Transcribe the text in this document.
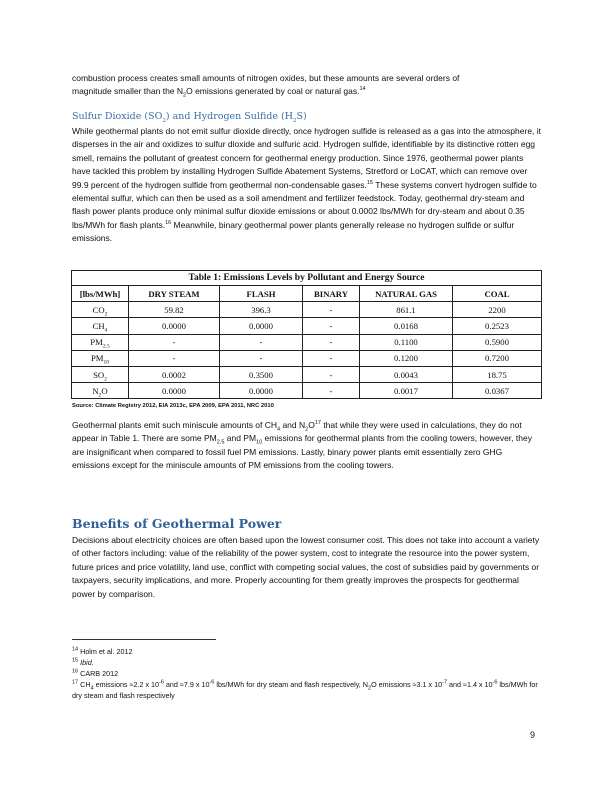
combustion process creates small amounts of nitrogen oxides, but these amounts are several orders of
magnitude smaller than the $N_2O$ emissions generated by coal or natural gas.$^{14}$

Sulfur Dioxide $(SO_2)$ and Hydrogen Sulfide $(H_2S)$

While geothermal plants do not emit sulfur dioxide directly, once hydrogen sulfide is released as a gas into the atmosphere, it disperses in the air and oxidizes to sulfur dioxide and sulfuric acid. Hydrogen sulfide, identifiable by its distinctive rotten egg smell, remains the pollutant of greatest concern for geothermal energy production. Since 1976, geothermal power plants have tackled this problem by installing Hydrogen Sulfide Abatement Systems, Stretford or LoCAT, which can remove over 99.9 percent of the hydrogen sulfide from geothermal non-condensable gases.$^{15}$ These systems convert hydrogen sulfide to elemental sulfur, which can then be used as a soil amendment and fertilizer feedstock. Today, geothermal dry-steam and flash power plants produce only minimal sulfur dioxide emissions or about 0.0002 lbs/MWh for dry-steam and about 0.35 lbs/MWh for flash plants.$^{16}$ Meanwhile, binary geothermal power plants generally release no hydrogen sulfide or sulfur emissions.

Table 1: Emissions Levels by Pollutant and Energy Source
[lbs/MWh]	DRY STEAM	FLASH	BINARY	NATURAL GAS	COAL
$CO_2$	59.82	396.3	-	861.1	2200
$CH_4$	0.0000	0.0000	-	0.0168	0.2523
$PM_{2.5}$	-	-	-	0.1100	0.5900
$PM_{10}$	-	-	-	0.1200	0.7200
$SO_2$	0.0002	0.3500	-	0.0043	18.75
$N_2O$	0.0000	0.0000	-	0.0017	0.0367
Source: Climate Registry 2012, EIA 2013c, EPA 2009, EPA 2011, NRC 2010

Geothermal plants emit such miniscule amounts of $CH_4$ and $N_2O^{17}$ that while they were used in calculations, they do not appear in Table 1. There are some $PM_{2.5}$ and $PM_{10}$ emissions for geothermal plants from the cooling towers, however, they are insignificant when compared to fossil fuel PM emissions. Lastly, binary power plants emit essentially zero GHG emissions except for the miniscule amounts of PM emissions from the cooling towers.

Benefits of Geothermal Power

Decisions about electricity choices are often based upon the lowest consumer cost. This does not take into account a variety of other factors including: value of the reliability of the power system, cost to integrate the resource into the power system, future prices and price volatility, land use, conflict with competing social values, the cost of subsidies paid by governments or taxpayers, security implications, and more. Properly accounting for them greatly improves the prospects for geothermal power by comparison.

$^{14}$ Holm et al. 2012

$^{15}$ Ibid.

$^{16}$ CARB 2012

$^{17}$ $CH_4$ emissions ≈2.2 x $10^{-6}$ and ≈7.9 x $10^{-6}$ lbs/MWh for dry steam and flash respectively, $N_2O$ emissions ≈3.1 x $10^{-7}$ and ≈1.4 x $10^{-6}$ lbs/MWh for dry steam and flash respectively

9
